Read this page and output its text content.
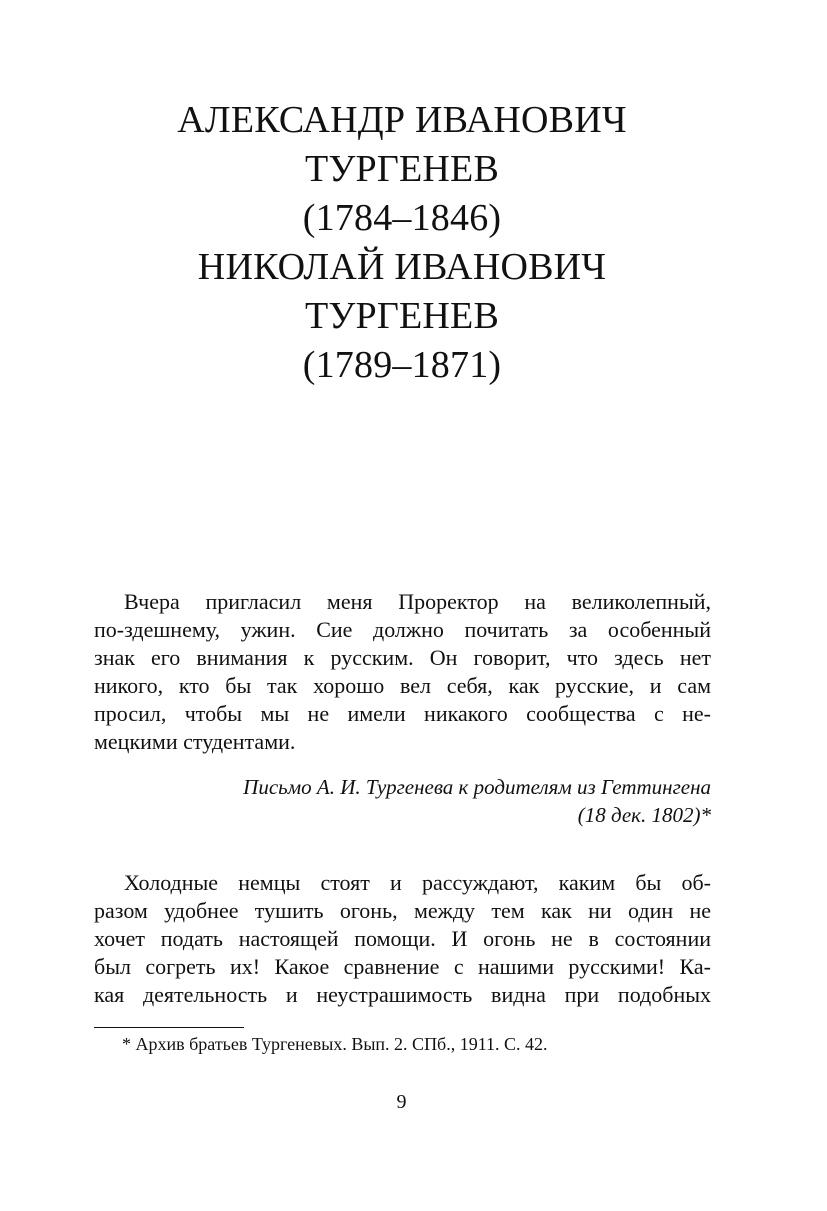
АЛЕКСАНДР ИВАНОВИЧ
ТУРГЕНЕВ
(1784–1846)
НИКОЛАЙ ИВАНОВИЧ
ТУРГЕНЕВ
(1789–1871)
Вчера пригласил меня Проректор на великолепный,
по-здешнему, ужин. Сие должно почитать за особенный
знак его внимания к русским. Он говорит, что здесь нет
никого, кто бы так хорошо вел себя, как русские, и сам
просил, чтобы мы не имели никакого сообщества с не-
мецкими студентами.
Письмо А. И. Тургенева к родителям из Геттингена
(18 дек. 1802)*
Холодные немцы стоят и рассуждают, каким бы об-
разом удобнее тушить огонь, между тем как ни один не
хочет подать настоящей помощи. И огонь не в состоянии
был согреть их! Какое сравнение с нашими русскими! Ка-
кая деятельность и неустрашимость видна при подобных
* Архив братьев Тургеневых. Вып. 2. СПб., 1911. С. 42.
9
